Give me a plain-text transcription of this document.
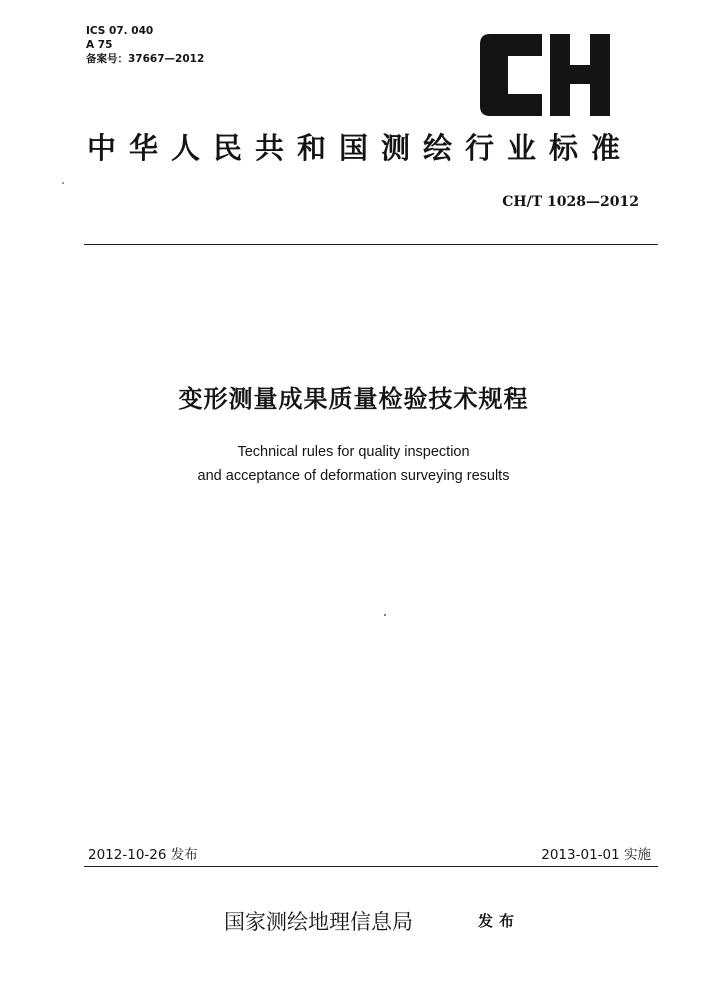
ICS 07. 040
A 75
备案号：37667—2012
中华人民共和国测绘行业标准
CH/T 1028—2012
变形测量成果质量检验技术规程
Technical rules for quality inspection
and acceptance of deformation surveying results
2012-10-26 发布	2013-01-01 实施
国家测绘地理信息局	发布
